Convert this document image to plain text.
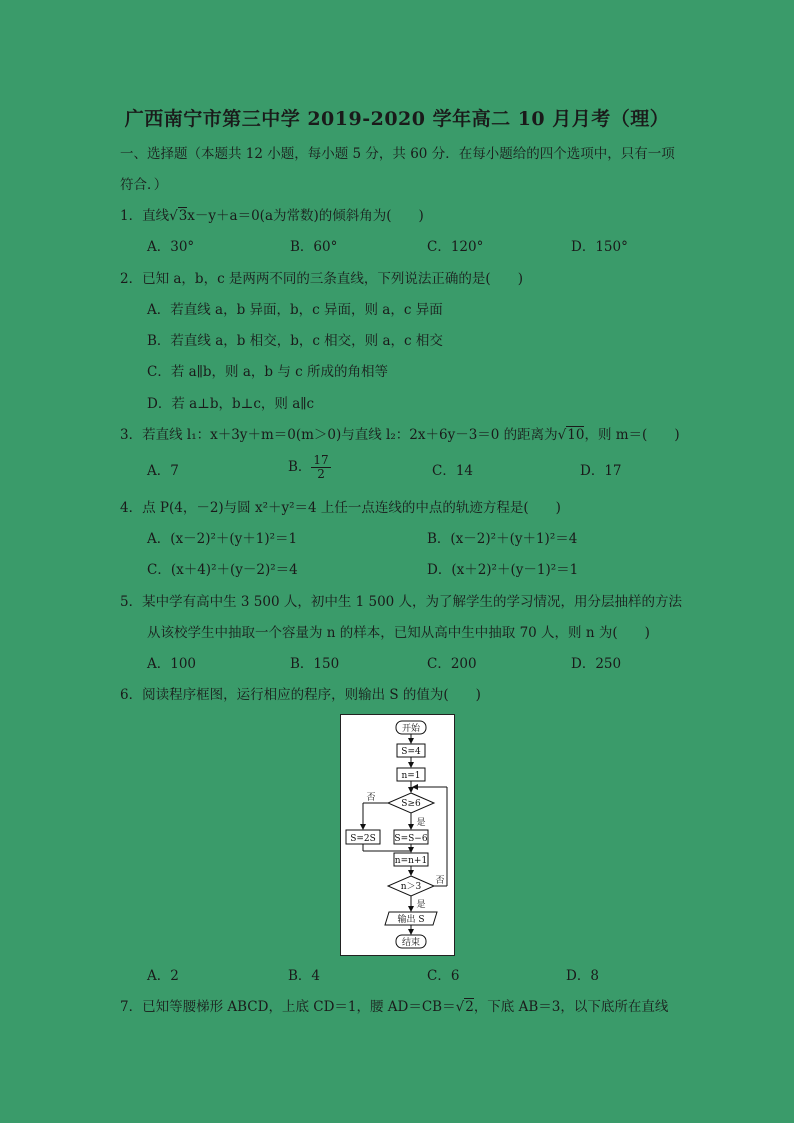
广西南宁市第三中学 2019-2020 学年高二 10 月月考（理）
一、选择题（本题共 12 小题，每小题 5 分，共 60 分．在每小题给的四个选项中，只有一项
符合．）
1．直线√3x－y＋a＝0(a为常数)的倾斜角为(　　)
A．30°	B．60°	C．120°	D．150°
2．已知 a，b，c 是两两不同的三条直线，下列说法正确的是(　　)
A．若直线 a，b 异面，b，c 异面，则 a，c 异面
B．若直线 a，b 相交，b，c 相交，则 a，c 相交
C．若 a∥b，则 a，b 与 c 所成的角相等
D．若 a⊥b，b⊥c，则 a∥c
3．若直线 l₁：x＋3y＋m＝0(m＞0)与直线 l₂：2x＋6y－3＝0 的距离为√10，则 m＝(　　)
A．7	B． $\frac{17}{2}$	C．14	D．17
4．点 P(4，－2)与圆 x²＋y²＝4 上任一点连线的中点的轨迹方程是(　　)
A．(x－2)²＋(y＋1)²＝1	B．(x－2)²＋(y＋1)²＝4
C．(x＋4)²＋(y－2)²＝4	D．(x＋2)²＋(y－1)²＝1
5．某中学有高中生 3 500 人，初中生 1 500 人，为了解学生的学习情况，用分层抽样的方法
从该校学生中抽取一个容量为 n 的样本，已知从高中生中抽取 70 人，则 n 为(　　)
A．100	B．150	C．200	D．250
6．阅读程序框图，运行相应的程序，则输出 S 的值为(　　)
开始
S=4
n=1
S≥6
否
是
S=2S S=S−6
n=n+1
n＞3
否
是
输出 S
结束
A．2	B．4	C．6	D．8
7．已知等腰梯形 ABCD，上底 CD＝1，腰 AD＝CB＝√2，下底 AB＝3，以下底所在直线
